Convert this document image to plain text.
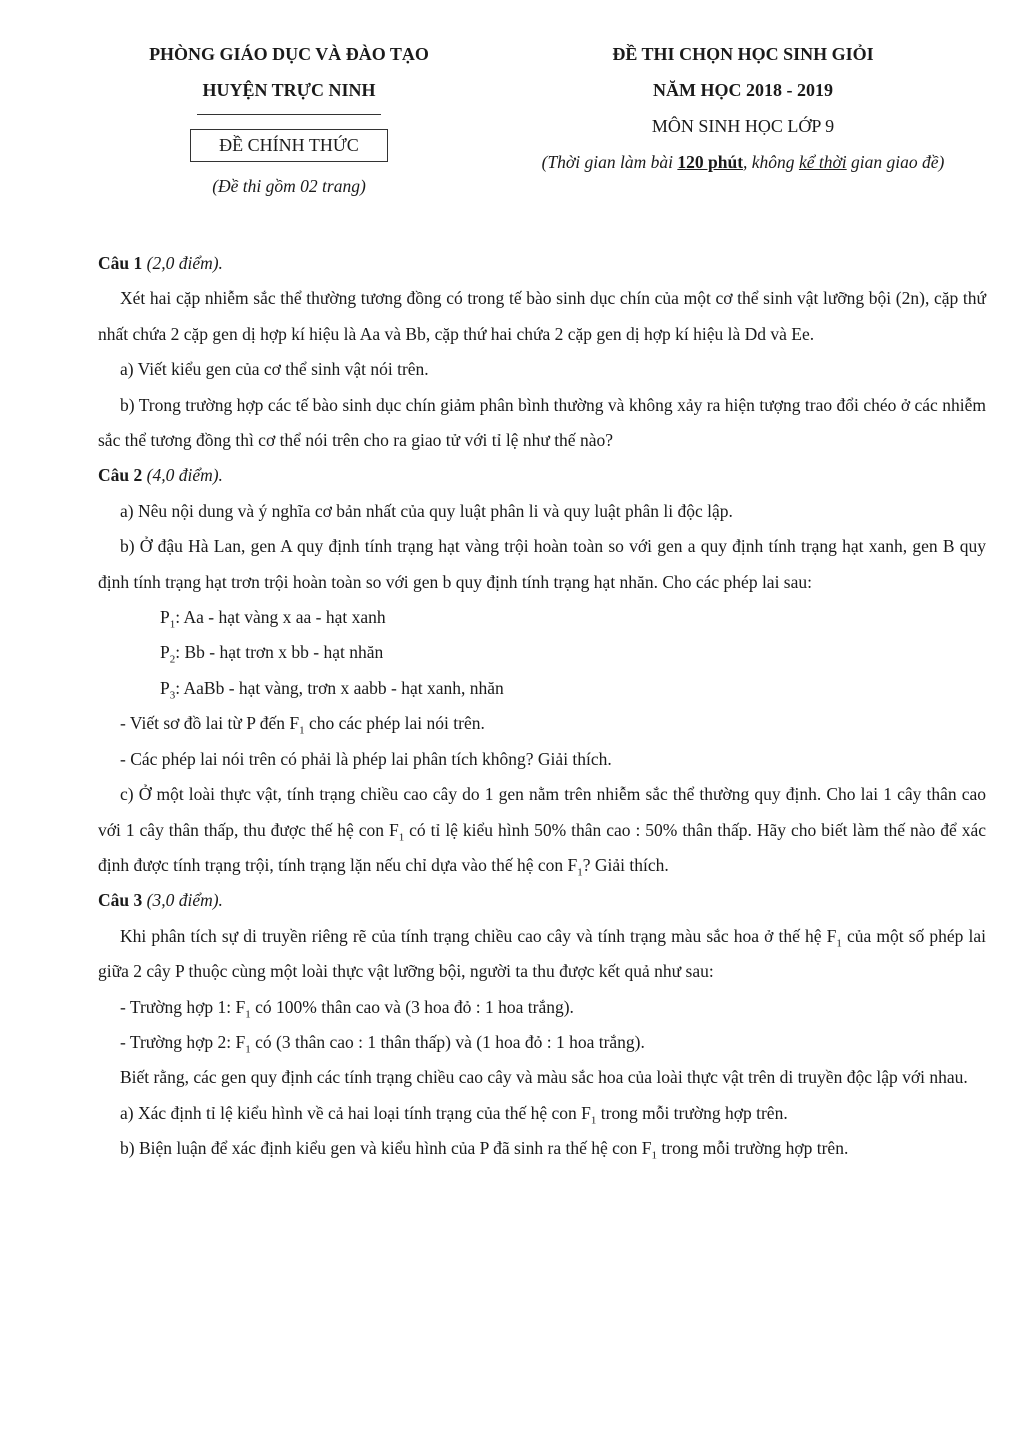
PHÒNG GIÁO DỤC VÀ ĐÀO TẠO
HUYỆN TRỰC NINH
ĐỀ CHÍNH THỨC
(Đề thi gồm 02 trang)
ĐỀ THI CHỌN HỌC SINH GIỎI
NĂM HỌC 2018 - 2019
MÔN SINH HỌC LỚP 9
(Thời gian làm bài 120 phút, không kể thời gian giao đề)

Câu 1 (2,0 điểm).

Xét hai cặp nhiễm sắc thể thường tương đồng có trong tế bào sinh dục chín của một cơ thể sinh vật lưỡng bội (2n), cặp thứ nhất chứa 2 cặp gen dị hợp kí hiệu là Aa và Bb, cặp thứ hai chứa 2 cặp gen dị hợp kí hiệu là Dd và Ee.

a) Viết kiểu gen của cơ thể sinh vật nói trên.

b) Trong trường hợp các tế bào sinh dục chín giảm phân bình thường và không xảy ra hiện tượng trao đổi chéo ở các nhiễm sắc thể tương đồng thì cơ thể nói trên cho ra giao tử với tỉ lệ như thế nào?

Câu 2 (4,0 điểm).

a) Nêu nội dung và ý nghĩa cơ bản nhất của quy luật phân li và quy luật phân li độc lập.

b) Ở đậu Hà Lan, gen A quy định tính trạng hạt vàng trội hoàn toàn so với gen a quy định tính trạng hạt xanh, gen B quy định tính trạng hạt trơn trội hoàn toàn so với gen b quy định tính trạng hạt nhăn. Cho các phép lai sau:

$P_1$: Aa - hạt vàng x aa - hạt xanh

$P_2$: Bb - hạt trơn x bb - hạt nhăn

$P_3$: AaBb - hạt vàng, trơn x aabb - hạt xanh, nhăn

- Viết sơ đồ lai từ P đến $F_1$ cho các phép lai nói trên.

- Các phép lai nói trên có phải là phép lai phân tích không? Giải thích.

c) Ở một loài thực vật, tính trạng chiều cao cây do 1 gen nằm trên nhiễm sắc thể thường quy định. Cho lai 1 cây thân cao với 1 cây thân thấp, thu được thế hệ con $F_1$ có tỉ lệ kiểu hình 50% thân cao : 50% thân thấp. Hãy cho biết làm thế nào để xác định được tính trạng trội, tính trạng lặn nếu chỉ dựa vào thế hệ con $F_1$? Giải thích.

Câu 3 (3,0 điểm).

Khi phân tích sự di truyền riêng rẽ của tính trạng chiều cao cây và tính trạng màu sắc hoa ở thế hệ $F_1$ của một số phép lai giữa 2 cây P thuộc cùng một loài thực vật lưỡng bội, người ta thu được kết quả như sau:

- Trường hợp 1: $F_1$ có 100% thân cao và (3 hoa đỏ : 1 hoa trắng).

- Trường hợp 2: $F_1$ có (3 thân cao : 1 thân thấp) và (1 hoa đỏ : 1 hoa trắng).

Biết rằng, các gen quy định các tính trạng chiều cao cây và màu sắc hoa của loài thực vật trên di truyền độc lập với nhau.

a) Xác định tỉ lệ kiểu hình về cả hai loại tính trạng của thế hệ con $F_1$ trong mỗi trường hợp trên.

b) Biện luận để xác định kiểu gen và kiểu hình của P đã sinh ra thế hệ con $F_1$ trong mỗi trường hợp trên.
